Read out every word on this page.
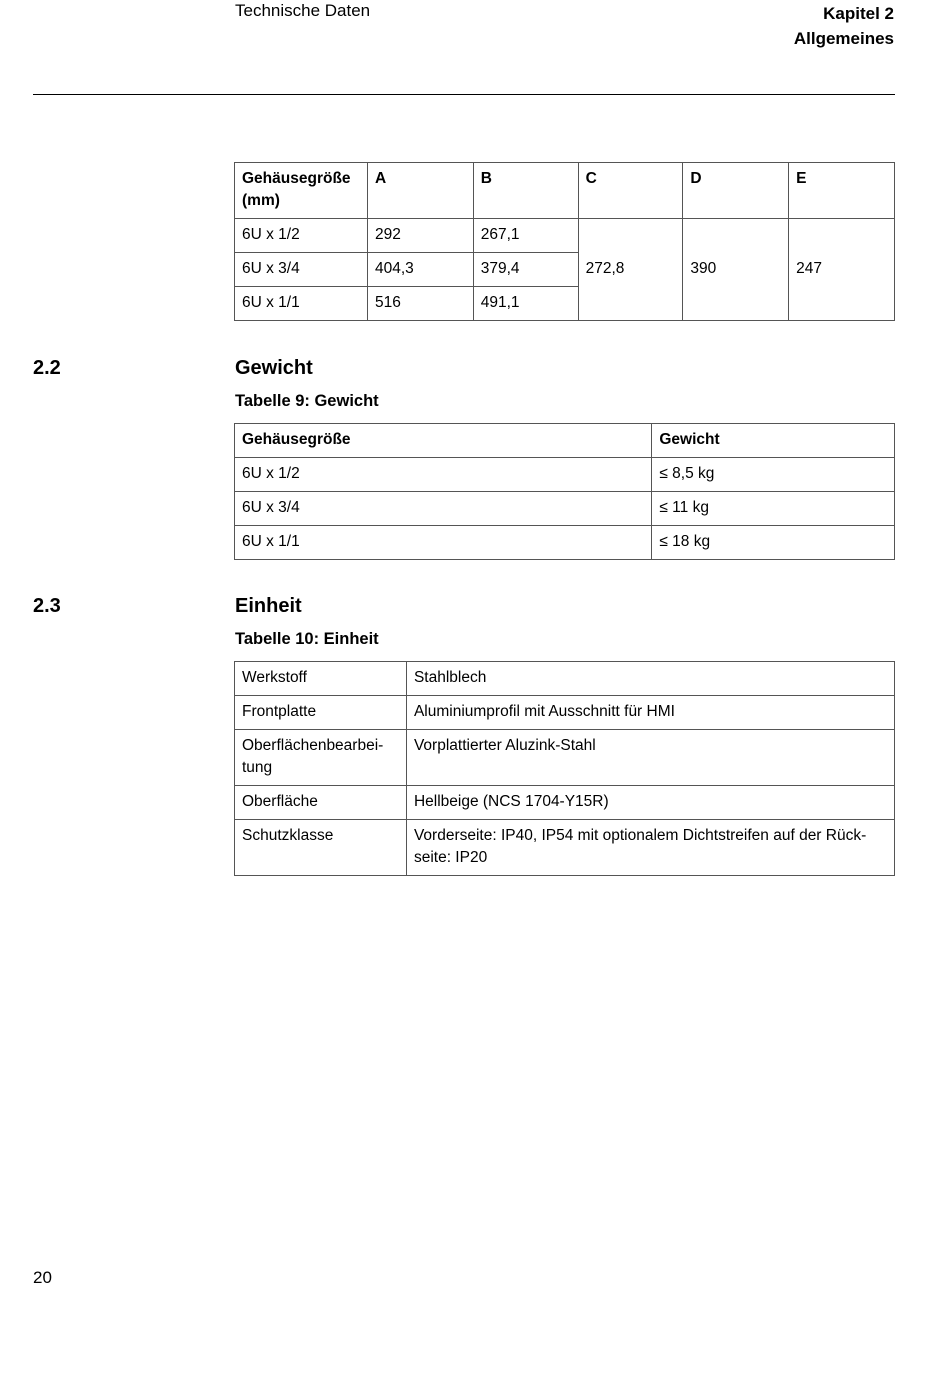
Technische Daten	Kapitel 2
Allgemeines
Gehäusegröße (mm)	A	B	C	D	E
6U x 1/2	292	267,1	272,8	390	247
6U x 3/4	404,3	379,4			
6U x 1/1	516	491,1			
2.2	Gewicht
Tabelle 9: Gewicht
Gehäusegröße	Gewicht
6U x 1/2	≤ 8,5 kg
6U x 3/4	≤ 11 kg
6U x 1/1	≤ 18 kg
2.3	Einheit
Tabelle 10: Einheit
Werkstoff	Stahlblech
Frontplatte	Aluminiumprofil mit Ausschnitt für HMI
Oberflächenbearbei-
tung	Vorplattierter Aluzink-Stahl
Oberfläche	Hellbeige (NCS 1704-Y15R)
Schutzklasse	Vorderseite: IP40, IP54 mit optionalem Dichtstreifen auf der Rück-
seite: IP20
20
